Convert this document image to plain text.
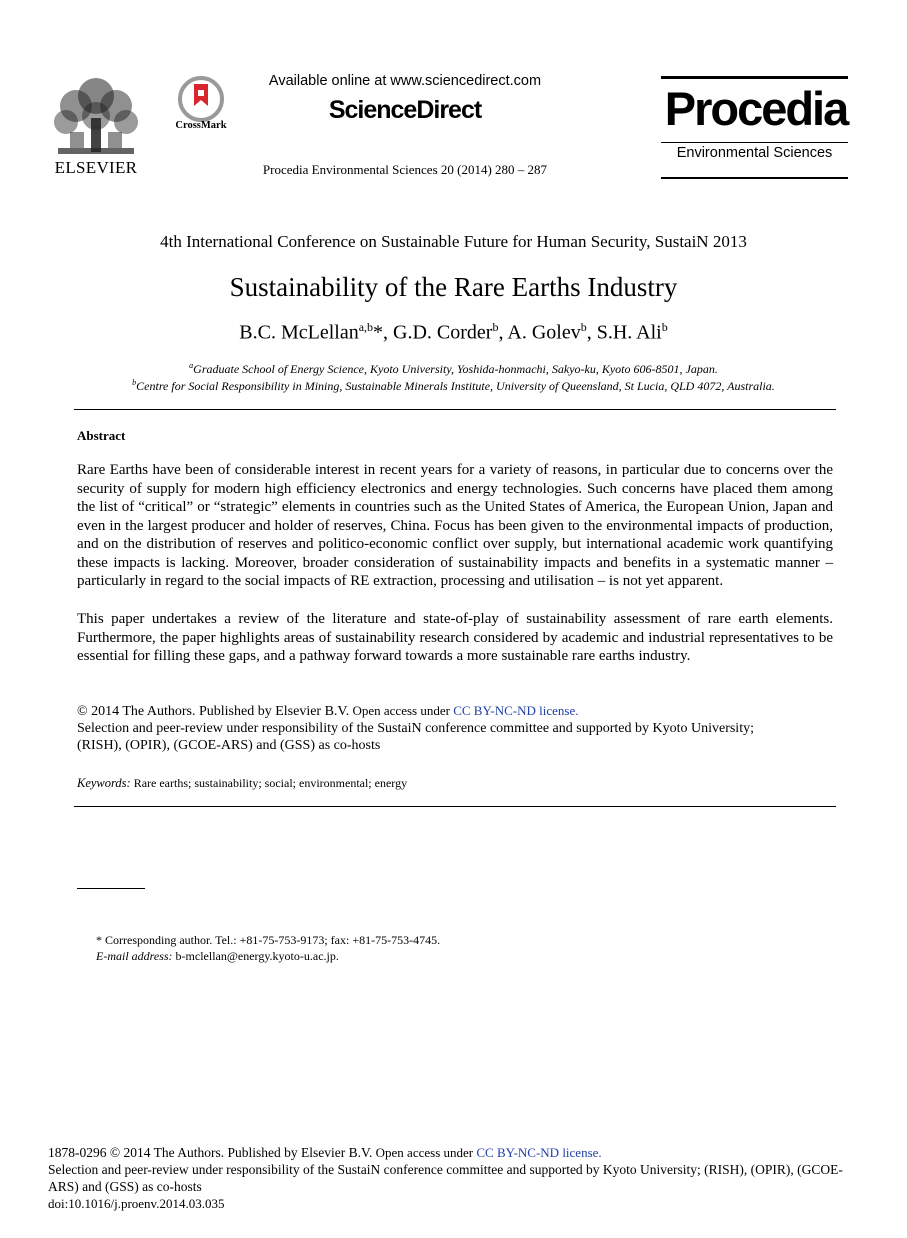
ELSEVIER
CrossMark
Available online at www.sciencedirect.com
ScienceDirect
Procedia Environmental Sciences 20 (2014) 280 – 287
Procedia
Environmental Sciences
4th International Conference on Sustainable Future for Human Security, SustaiN 2013
Sustainability of the Rare Earths Industry
B.C. McLellan$^{a,b}$*, G.D. Corder$^b$, A. Golev$^b$, S.H. Ali$^b$
$^a$Graduate School of Energy Science, Kyoto University, Yoshida-honmachi, Sakyo-ku, Kyoto 606-8501, Japan.
$^b$Centre for Social Responsibility in Mining, Sustainable Minerals Institute, University of Queensland, St Lucia, QLD 4072, Australia.
Abstract
Rare Earths have been of considerable interest in recent years for a variety of reasons, in particular due to concerns over the security of supply for modern high efficiency electronics and energy technologies. Such concerns have placed them among the list of “critical” or “strategic” elements in countries such as the United States of America, the European Union, Japan and even in the largest producer and holder of reserves, China. Focus has been given to the environmental impacts of production, and on the distribution of reserves and politico-economic conflict over supply, but international academic work quantifying these impacts is lacking. Moreover, broader consideration of sustainability impacts and benefits in a systematic manner – particularly in regard to the social impacts of RE extraction, processing and utilisation – is not yet apparent.
This paper undertakes a review of the literature and state-of-play of sustainability assessment of rare earth elements. Furthermore, the paper highlights areas of sustainability research considered by academic and industrial representatives to be essential for filling these gaps, and a pathway forward towards a more sustainable rare earths industry.
© 2014 The Authors. Published by Elsevier B.V. Open access under CC BY-NC-ND license.
Selection and peer-review under responsibility of the SustaiN conference committee and supported by Kyoto University;
(RISH), (OPIR), (GCOE-ARS) and (GSS) as co-hosts
Keywords: Rare earths; sustainability; social; environmental; energy
* Corresponding author. Tel.: +81-75-753-9173; fax: +81-75-753-4745.
E-mail address: b-mclellan@energy.kyoto-u.ac.jp.
1878-0296 © 2014 The Authors. Published by Elsevier B.V. Open access under CC BY-NC-ND license.
Selection and peer-review under responsibility of the SustaiN conference committee and supported by Kyoto University; (RISH), (OPIR), (GCOE-ARS) and (GSS) as co-hosts
doi:10.1016/j.proenv.2014.03.035
